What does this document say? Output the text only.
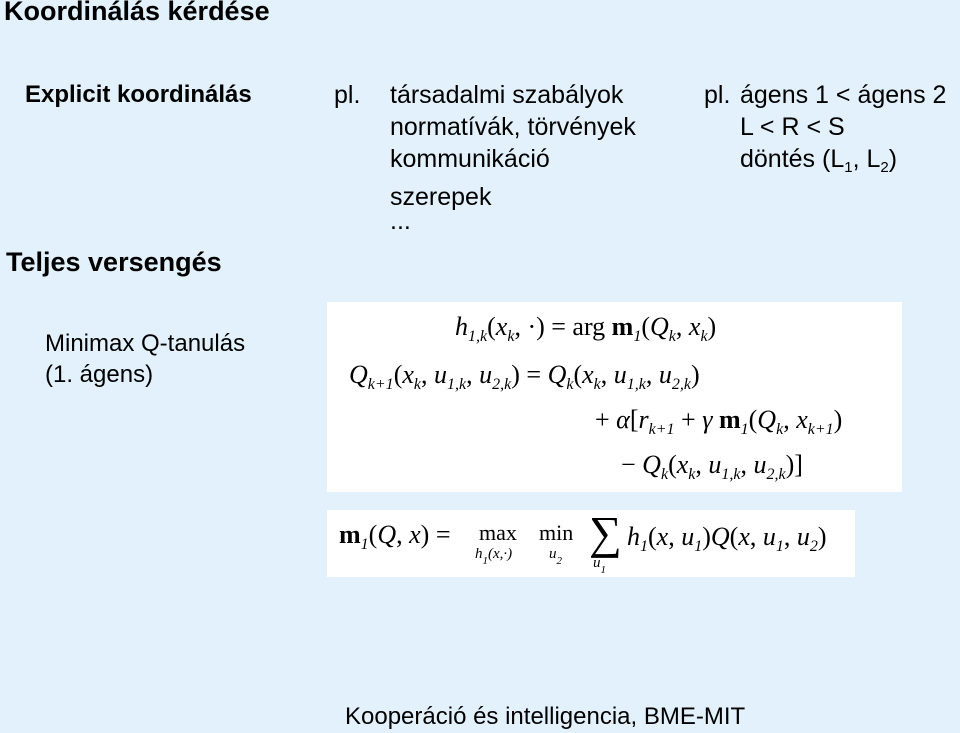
Koordinálás kérdése
Explicit koordinálás	pl. társadalmi szabályok
normatívák, törvények
kommunikáció
szerepek
...
pl. ágens 1 < ágens 2
L < R < S
döntés ($L_1$, $L_2$)
Teljes versengés
Minimax Q-tanulás
(1. ágens)
$h_{1,k}(x_k$, ·) = arg $m_1(Q_k$, $x_k$)
$Q_{k+1}(x_k$, $u_{1,k}$, $u_{2,k}) = Q_k(x_k$, $u_{1,k}$, $u_{2,k}$)
+ $\alpha[r_{k+1} + \gamma$ $m_1(Q_k$, $x_{k+1}$)
− $Q_k(x_k$, $u_{1,k}$, $u_{2,k}$)]
$m_1(Q$, x) = max
$h_1(x,\cdot)$
min
$u_2$
∑
$u_1$
$h_1(x$, $u_1)Q(x$, $u_1$, $u_2$)
Kooperáció és intelligencia, BME-MIT
